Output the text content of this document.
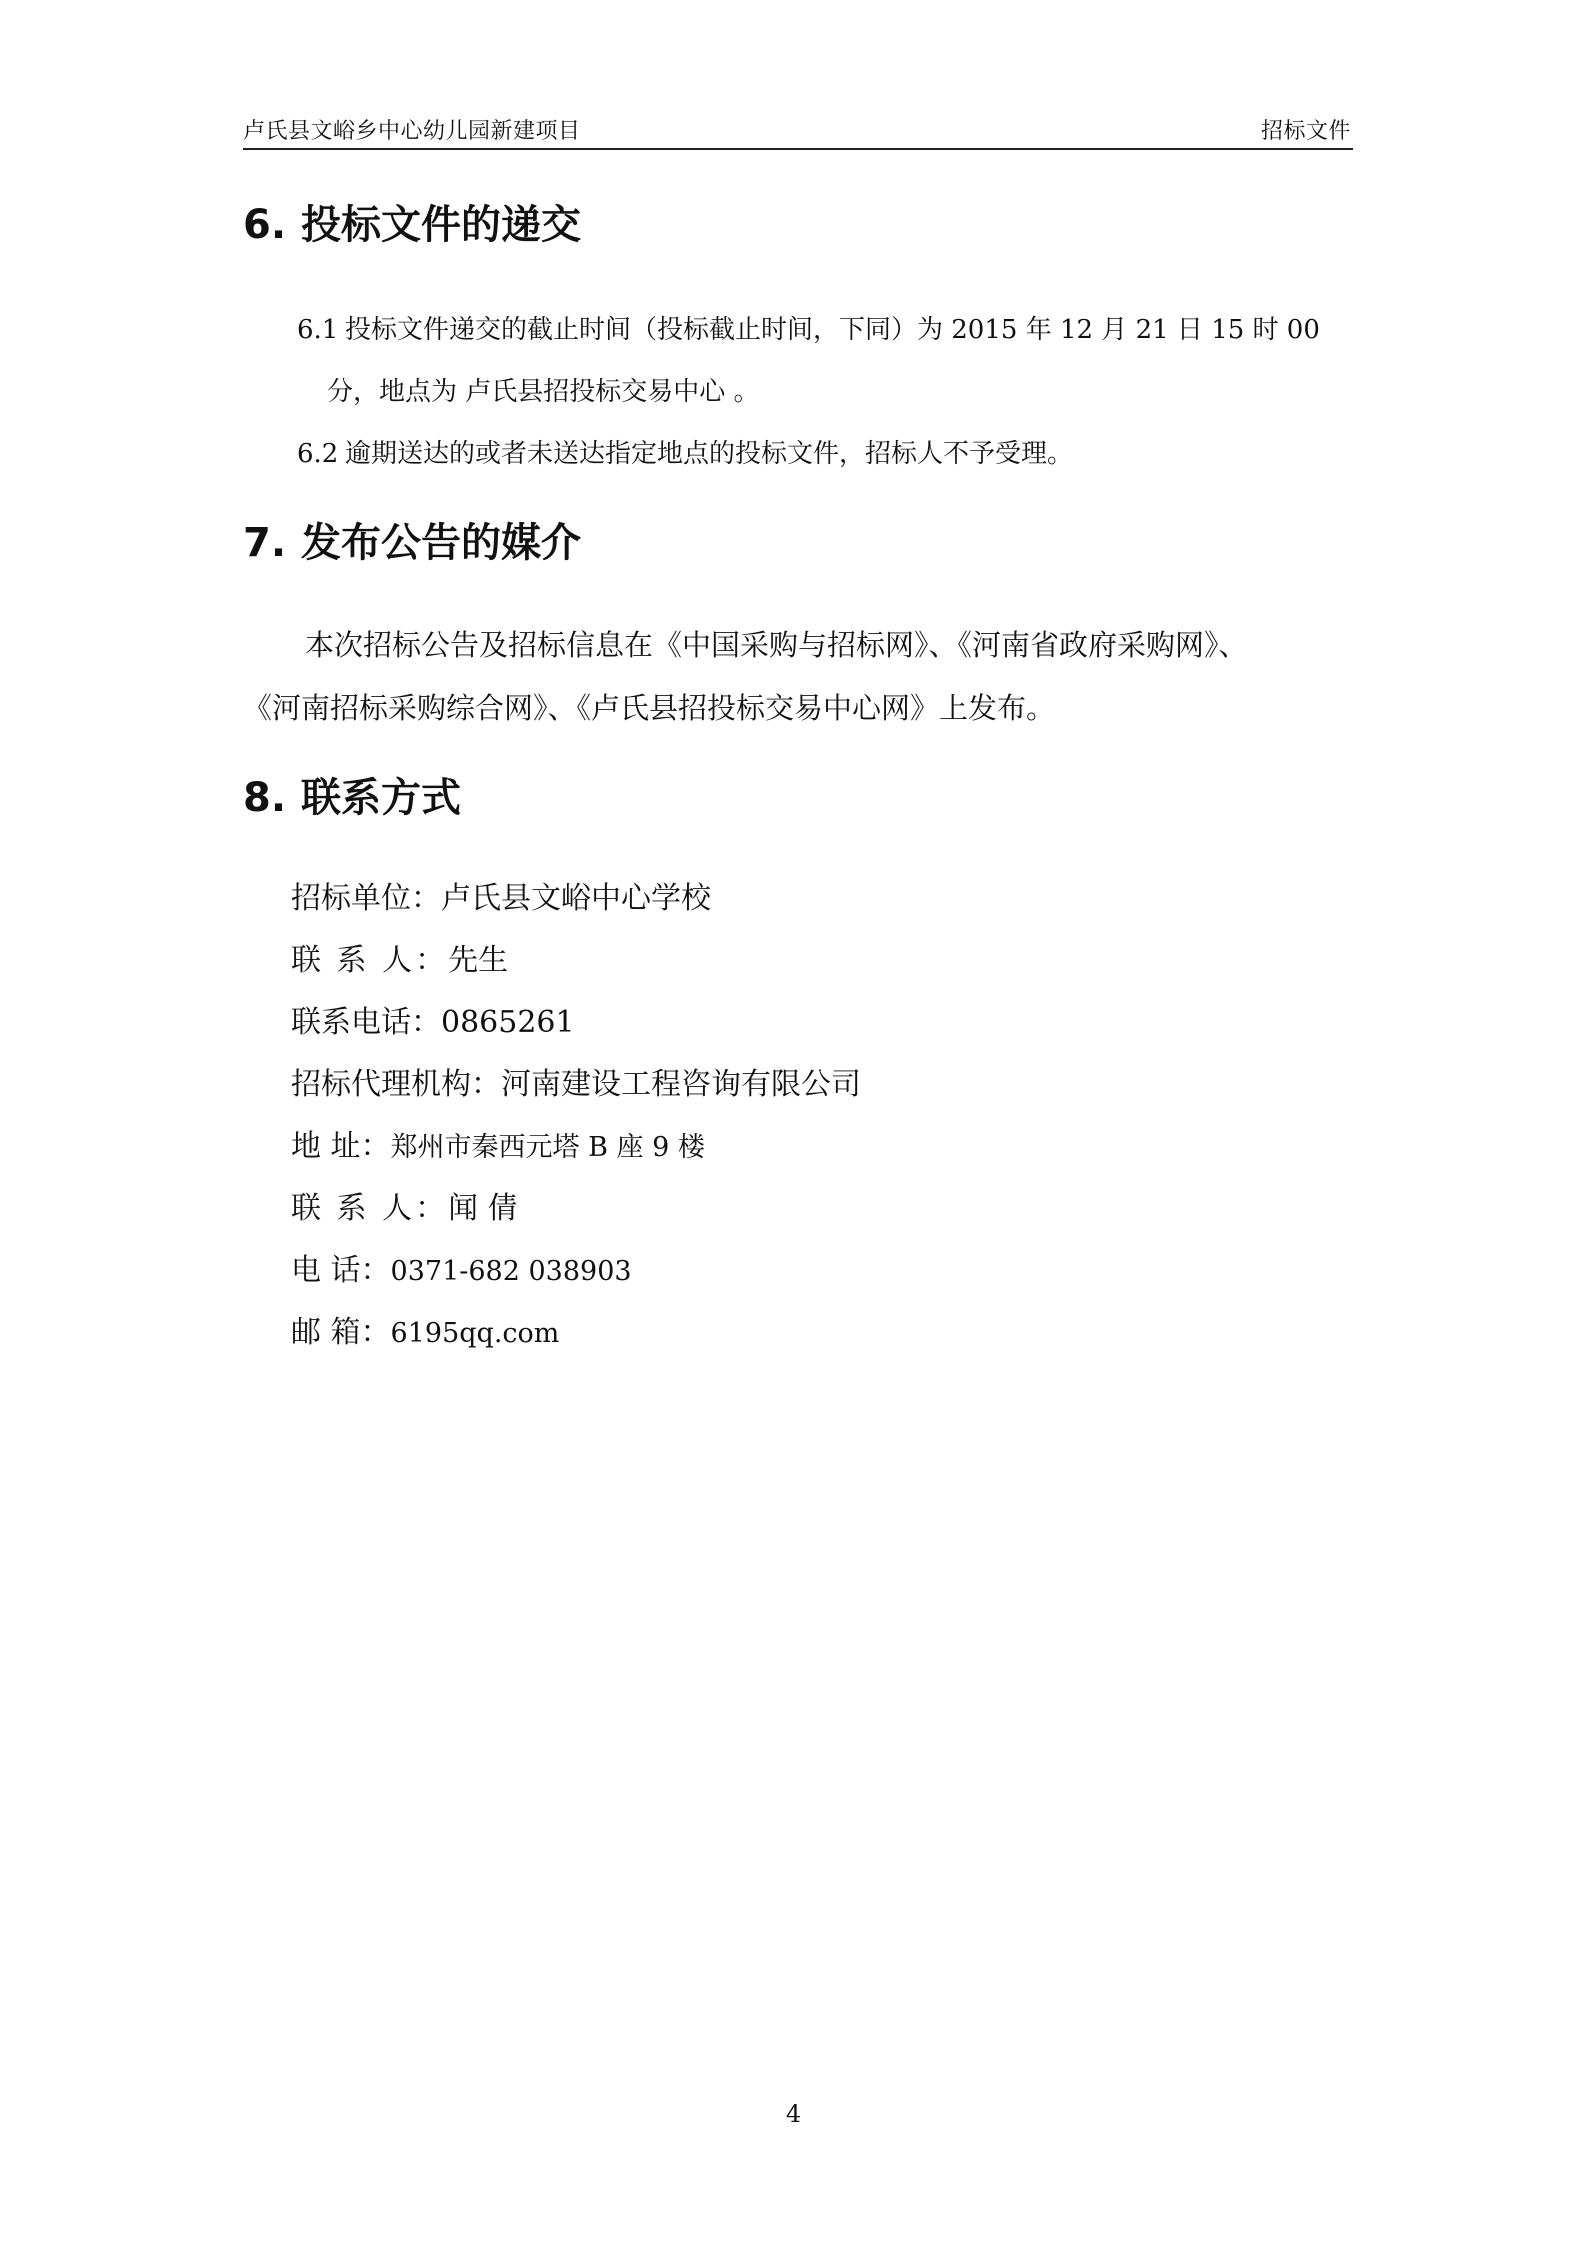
卢氏县文峪乡中心幼儿园新建项目	招标文件
6. 投标文件的递交
6.1 投标文件递交的截止时间（投标截止时间，下同）为 2015 年 12 月 21 日 15 时 00
分，地点为 卢氏县招投标交易中心 。
6.2 逾期送达的或者未送达指定地点的投标文件，招标人不予受理。
7. 发布公告的媒介
本次招标公告及招标信息在《中国采购与招标网》、《河南省政府采购网》、
《河南招标采购综合网》、《卢氏县招投标交易中心网》上发布。
8. 联系方式
招标单位：卢氏县文峪中心学校
联 系 人：先生
联系电话：0865261
招标代理机构：河南建设工程咨询有限公司
地 址：郑州市秦西元塔 B 座 9 楼
联 系 人：闻 倩
电 话：0371-682 038903
邮 箱：6195qq.com
4
